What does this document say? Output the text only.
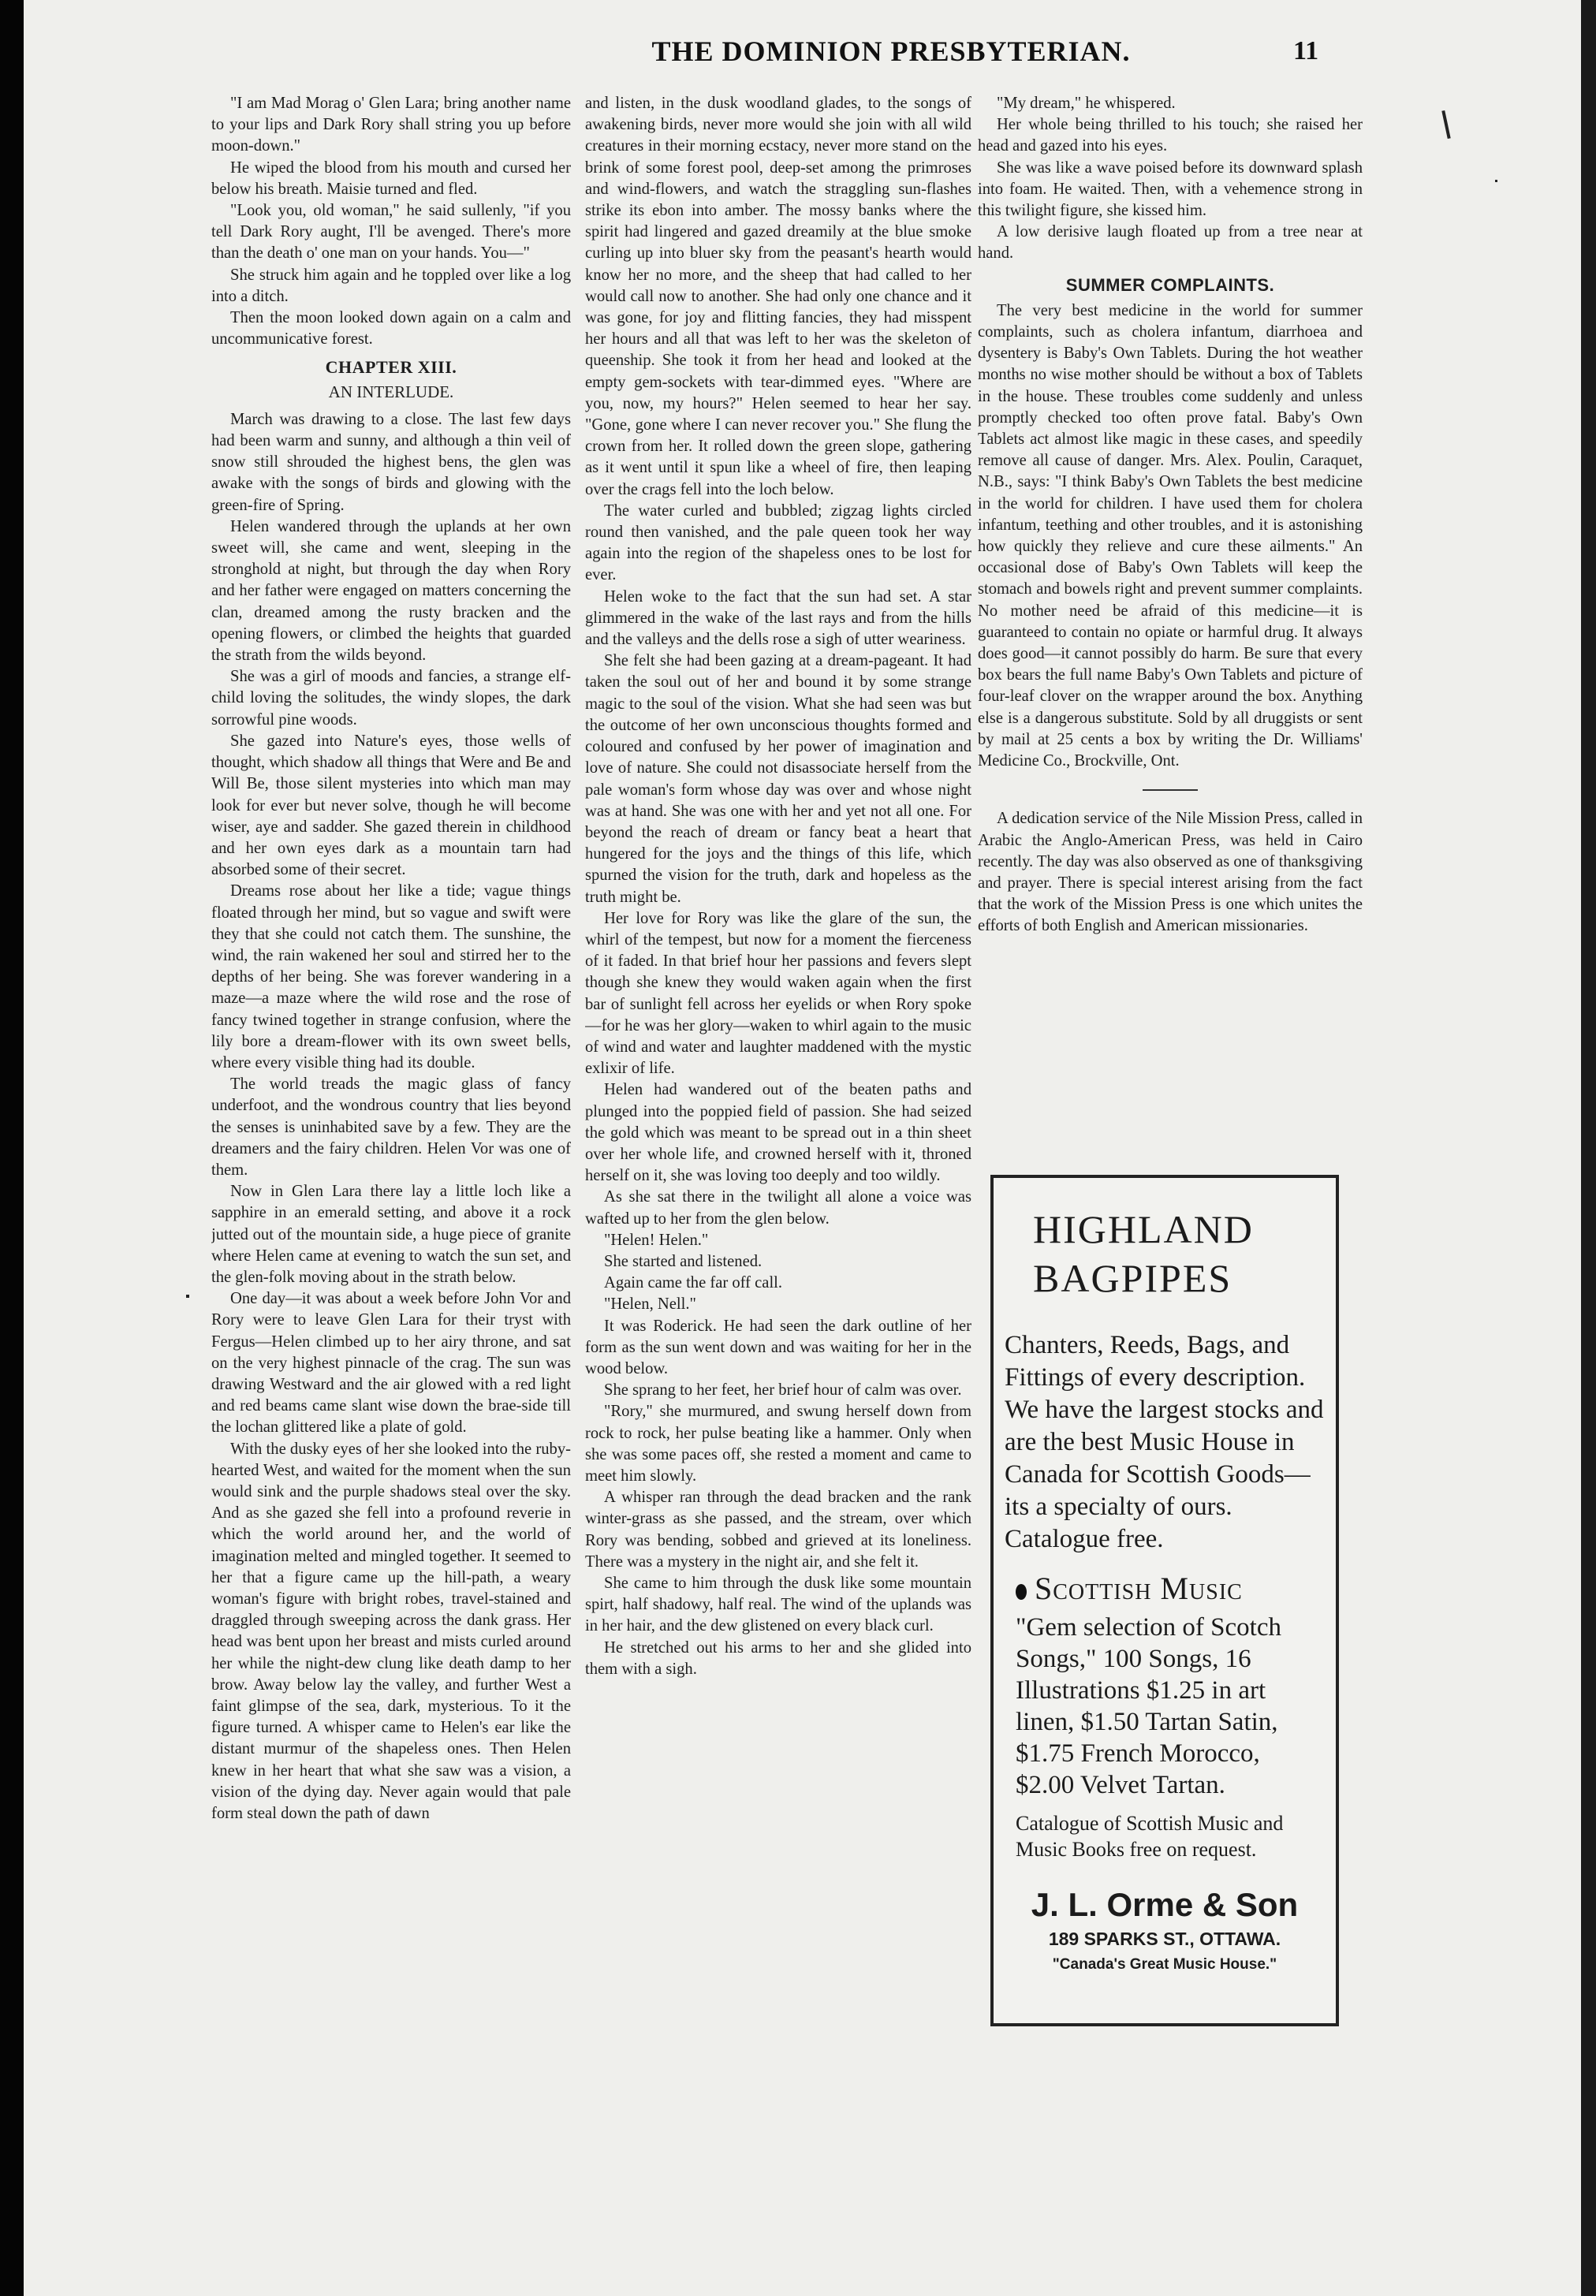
THE DOMINION PRESBYTERIAN.	11

"I am Mad Morag o' Glen Lara; bring another name to your lips and Dark Rory shall string you up before moon-down."

He wiped the blood from his mouth and cursed her below his breath. Maisie turned and fled.

"Look you, old woman," he said sullenly, "if you tell Dark Rory aught, I'll be avenged. There's more than the death o' one man on your hands. You—"

She struck him again and he toppled over like a log into a ditch.

Then the moon looked down again on a calm and uncommunicative forest.

CHAPTER XIII.
AN INTERLUDE.

March was drawing to a close. The last few days had been warm and sunny, and although a thin veil of snow still shrouded the highest bens, the glen was awake with the songs of birds and glowing with the green-fire of Spring.

Helen wandered through the uplands at her own sweet will, she came and went, sleeping in the stronghold at night, but through the day when Rory and her father were engaged on matters concerning the clan, dreamed among the rusty bracken and the opening flowers, or climbed the heights that guarded the strath from the wilds beyond.

She was a girl of moods and fancies, a strange elf-child loving the solitudes, the windy slopes, the dark sorrowful pine woods.

She gazed into Nature's eyes, those wells of thought, which shadow all things that Were and Be and Will Be, those silent mysteries into which man may look for ever but never solve, though he will become wiser, aye and sadder. She gazed therein in childhood and her own eyes dark as a mountain tarn had absorbed some of their secret.

Dreams rose about her like a tide; vague things floated through her mind, but so vague and swift were they that she could not catch them. The sunshine, the wind, the rain wakened her soul and stirred her to the depths of her being. She was forever wandering in a maze—a maze where the wild rose and the rose of fancy twined together in strange confusion, where the lily bore a dream-flower with its own sweet bells, where every visible thing had its double.

The world treads the magic glass of fancy underfoot, and the wondrous country that lies beyond the senses is uninhabited save by a few. They are the dreamers and the fairy children. Helen Vor was one of them.

Now in Glen Lara there lay a little loch like a sapphire in an emerald setting, and above it a rock jutted out of the mountain side, a huge piece of granite where Helen came at evening to watch the sun set, and the glen-folk moving about in the strath below.

One day—it was about a week before John Vor and Rory were to leave Glen Lara for their tryst with Fergus—Helen climbed up to her airy throne, and sat on the very highest pinnacle of the crag. The sun was drawing Westward and the air glowed with a red light and red beams came slant wise down the brae-side till the lochan glittered like a plate of gold.

With the dusky eyes of her she looked into the ruby-hearted West, and waited for the moment when the sun would sink and the purple shadows steal over the sky. And as she gazed she fell into a profound reverie in which the world around her, and the world of imagination melted and mingled together. It seemed to her that a figure came up the hill-path, a weary woman's figure with bright robes, travel-stained and draggled through sweeping across the dank grass. Her head was bent upon her breast and mists curled around her while the night-dew clung like death damp to her brow. Away below lay the valley, and further West a faint glimpse of the sea, dark, mysterious. To it the figure turned. A whisper came to Helen's ear like the distant murmur of the shapeless ones. Then Helen knew in her heart that what she saw was a vision, a vision of the dying day. Never again would that pale form steal down the path of dawn

and listen, in the dusk woodland glades, to the songs of awakening birds, never more would she join with all wild creatures in their morning ecstacy, never more stand on the brink of some forest pool, deep-set among the primroses and wind-flowers, and watch the straggling sun-flashes strike its ebon into amber. The mossy banks where the spirit had lingered and gazed dreamily at the blue smoke curling up into bluer sky from the peasant's hearth would know her no more, and the sheep that had called to her would call now to another. She had only one chance and it was gone, for joy and flitting fancies, they had misspent her hours and all that was left to her was the skeleton of queenship. She took it from her head and looked at the empty gem-sockets with tear-dimmed eyes. "Where are you, now, my hours?" Helen seemed to hear her say. "Gone, gone where I can never recover you." She flung the crown from her. It rolled down the green slope, gathering as it went until it spun like a wheel of fire, then leaping over the crags fell into the loch below.

The water curled and bubbled; zigzag lights circled round then vanished, and the pale queen took her way again into the region of the shapeless ones to be lost for ever.

Helen woke to the fact that the sun had set. A star glimmered in the wake of the last rays and from the hills and the valleys and the dells rose a sigh of utter weariness.

She felt she had been gazing at a dream-pageant. It had taken the soul out of her and bound it by some strange magic to the soul of the vision. What she had seen was but the outcome of her own unconscious thoughts formed and coloured and confused by her power of imagination and love of nature. She could not disassociate herself from the pale woman's form whose day was over and whose night was at hand. She was one with her and yet not all one. For beyond the reach of dream or fancy beat a heart that hungered for the joys and the things of this life, which spurned the vision for the truth, dark and hopeless as the truth might be.

Her love for Rory was like the glare of the sun, the whirl of the tempest, but now for a moment the fierceness of it faded. In that brief hour her passions and fevers slept though she knew they would waken again when the first bar of sunlight fell across her eyelids or when Rory spoke—for he was her glory—waken to whirl again to the music of wind and water and laughter maddened with the mystic exlixir of life.

Helen had wandered out of the beaten paths and plunged into the poppied field of passion. She had seized the gold which was meant to be spread out in a thin sheet over her whole life, and crowned herself with it, throned herself on it, she was loving too deeply and too wildly.

As she sat there in the twilight all alone a voice was wafted up to her from the glen below.

"Helen! Helen."

She started and listened.

Again came the far off call.

"Helen, Nell."

It was Roderick. He had seen the dark outline of her form as the sun went down and was waiting for her in the wood below.

She sprang to her feet, her brief hour of calm was over.

"Rory," she murmured, and swung herself down from rock to rock, her pulse beating like a hammer. Only when she was some paces off, she rested a moment and came to meet him slowly.

A whisper ran through the dead bracken and the rank winter-grass as she passed, and the stream, over which Rory was bending, sobbed and grieved at its loneliness. There was a mystery in the night air, and she felt it.

She came to him through the dusk like some mountain spirt, half shadowy, half real. The wind of the uplands was in her hair, and the dew glistened on every black curl.

He stretched out his arms to her and she glided into them with a sigh.

"My dream," he whispered.

Her whole being thrilled to his touch; she raised her head and gazed into his eyes.

She was like a wave poised before its downward splash into foam. He waited. Then, with a vehemence strong in this twilight figure, she kissed him.

A low derisive laugh floated up from a tree near at hand.

SUMMER COMPLAINTS.

The very best medicine in the world for summer complaints, such as cholera infantum, diarrhoea and dysentery is Baby's Own Tablets. During the hot weather months no wise mother should be without a box of Tablets in the house. These troubles come suddenly and unless promptly checked too often prove fatal. Baby's Own Tablets act almost like magic in these cases, and speedily remove all cause of danger. Mrs. Alex. Poulin, Caraquet, N.B., says: "I think Baby's Own Tablets the best medicine in the world for children. I have used them for cholera infantum, teething and other troubles, and it is astonishing how quickly they relieve and cure these ailments." An occasional dose of Baby's Own Tablets will keep the stomach and bowels right and prevent summer complaints. No mother need be afraid of this medicine—it is guaranteed to contain no opiate or harmful drug. It always does good—it cannot possibly do harm. Be sure that every box bears the full name Baby's Own Tablets and picture of four-leaf clover on the wrapper around the box. Anything else is a dangerous substitute. Sold by all druggists or sent by mail at 25 cents a box by writing the Dr. Williams' Medicine Co., Brockville, Ont.

A dedication service of the Nile Mission Press, called in Arabic the Anglo-American Press, was held in Cairo recently. The day was also observed as one of thanksgiving and prayer. There is special interest arising from the fact that the work of the Mission Press is one which unites the efforts of both English and American missionaries.

HIGHLAND
BAGPIPES
Chanters, Reeds, Bags, and Fittings of every description. We have the largest stocks and are the best Music House in Canada for Scottish Goods—its a specialty of ours. Catalogue free.
Scottish Music
"Gem selection of Scotch Songs," 100 Songs, 16 Illustrations $1.25 in art linen, $1.50 Tartan Satin, $1.75 French Morocco, $2.00 Velvet Tartan.
Catalogue of Scottish Music and Music Books free on request.
J. L. Orme & Son
189 SPARKS ST., OTTAWA.
"Canada's Great Music House."
